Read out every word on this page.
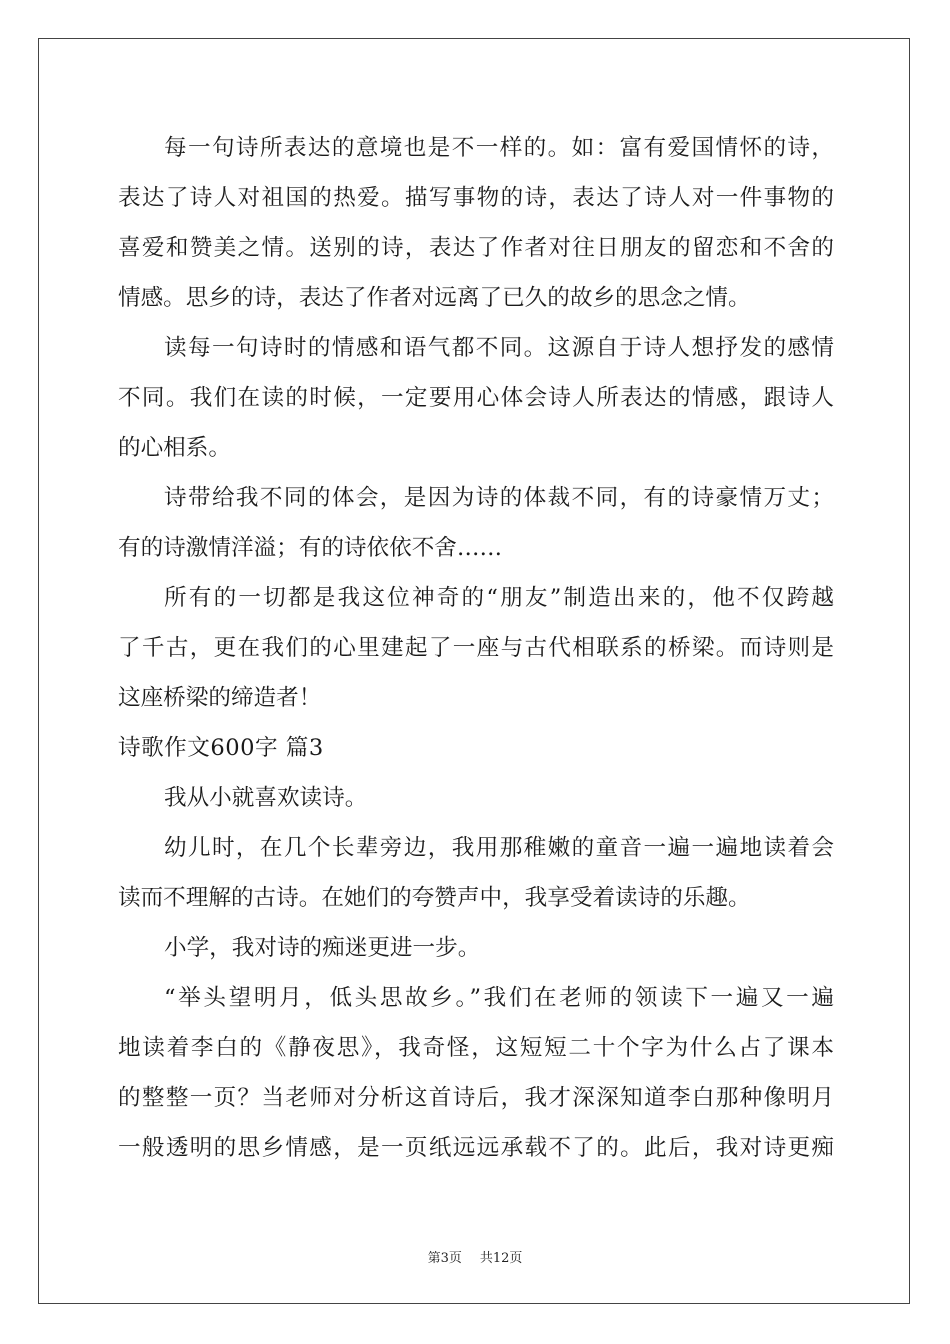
每一句诗所表达的意境也是不一样的。如：富有爱国情怀的诗，
表达了诗人对祖国的热爱。描写事物的诗，表达了诗人对一件事物的
喜爱和赞美之情。送别的诗，表达了作者对往日朋友的留恋和不舍的
情感。思乡的诗，表达了作者对远离了已久的故乡的思念之情。
读每一句诗时的情感和语气都不同。这源自于诗人想抒发的感情
不同。我们在读的时候，一定要用心体会诗人所表达的情感，跟诗人
的心相系。
诗带给我不同的体会，是因为诗的体裁不同，有的诗豪情万丈；
有的诗激情洋溢；有的诗依依不舍……
所有的一切都是我这位神奇的“朋友”制造出来的，他不仅跨越
了千古，更在我们的心里建起了一座与古代相联系的桥梁。而诗则是
这座桥梁的缔造者！
诗歌作文600字 篇3
我从小就喜欢读诗。
幼儿时，在几个长辈旁边，我用那稚嫩的童音一遍一遍地读着会
读而不理解的古诗。在她们的夸赞声中，我享受着读诗的乐趣。
小学，我对诗的痴迷更进一步。
“举头望明月，低头思故乡。”我们在老师的领读下一遍又一遍
地读着李白的《静夜思》，我奇怪，这短短二十个字为什么占了课本
的整整一页？当老师对分析这首诗后，我才深深知道李白那种像明月
一般透明的思乡情感，是一页纸远远承载不了的。此后，我对诗更痴
第3页 共12页
